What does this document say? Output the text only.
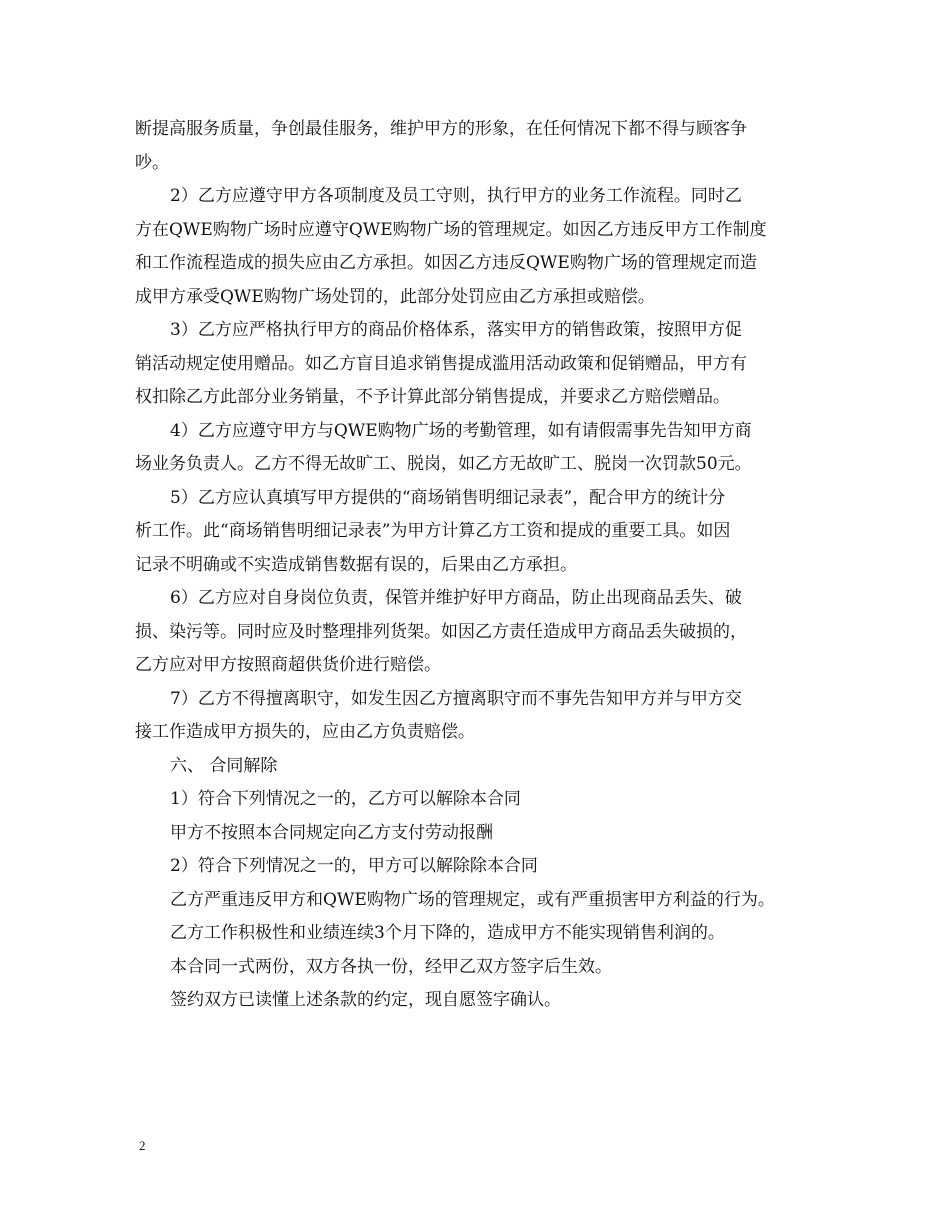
断提高服务质量，争创最佳服务，维护甲方的形象，在任何情况下都不得与顾客争
吵。
2）乙方应遵守甲方各项制度及员工守则，执行甲方的业务工作流程。同时乙
方在QWE购物广场时应遵守QWE购物广场的管理规定。如因乙方违反甲方工作制度
和工作流程造成的损失应由乙方承担。如因乙方违反QWE购物广场的管理规定而造
成甲方承受QWE购物广场处罚的，此部分处罚应由乙方承担或赔偿。
3）乙方应严格执行甲方的商品价格体系，落实甲方的销售政策，按照甲方促
销活动规定使用赠品。如乙方盲目追求销售提成滥用活动政策和促销赠品，甲方有
权扣除乙方此部分业务销量，不予计算此部分销售提成，并要求乙方赔偿赠品。
4）乙方应遵守甲方与QWE购物广场的考勤管理，如有请假需事先告知甲方商
场业务负责人。乙方不得无故旷工、脱岗，如乙方无故旷工、脱岗一次罚款50元。
5）乙方应认真填写甲方提供的“商场销售明细记录表”，配合甲方的统计分
析工作。此“商场销售明细记录表”为甲方计算乙方工资和提成的重要工具。如因
记录不明确或不实造成销售数据有误的，后果由乙方承担。
6）乙方应对自身岗位负责，保管并维护好甲方商品，防止出现商品丢失、破
损、染污等。同时应及时整理排列货架。如因乙方责任造成甲方商品丢失破损的，
乙方应对甲方按照商超供货价进行赔偿。
7）乙方不得擅离职守，如发生因乙方擅离职守而不事先告知甲方并与甲方交
接工作造成甲方损失的，应由乙方负责赔偿。
六、 合同解除
1）符合下列情况之一的，乙方可以解除本合同
甲方不按照本合同规定向乙方支付劳动报酬
2）符合下列情况之一的，甲方可以解除除本合同
乙方严重违反甲方和QWE购物广场的管理规定，或有严重损害甲方利益的行为。
乙方工作积极性和业绩连续3个月下降的，造成甲方不能实现销售利润的。
本合同一式两份，双方各执一份，经甲乙双方签字后生效。
签约双方已读懂上述条款的约定，现自愿签字确认。
2
